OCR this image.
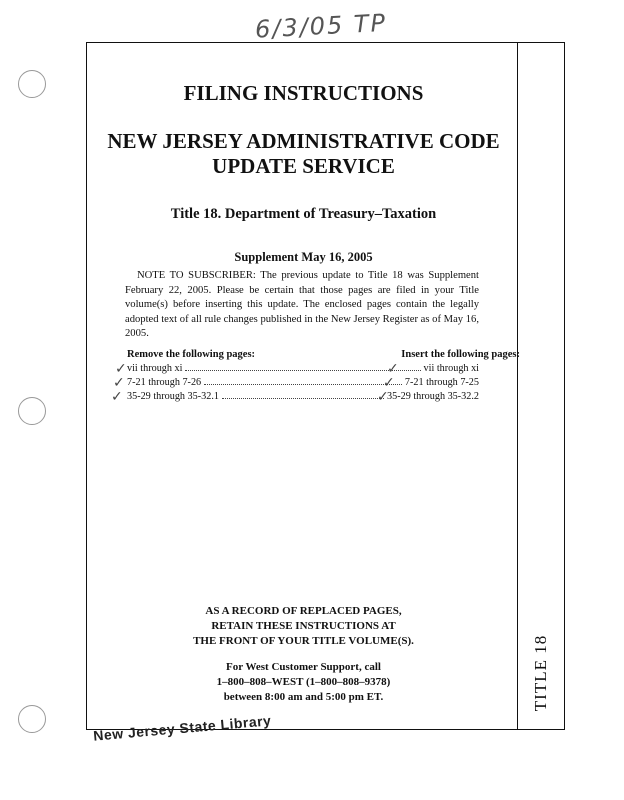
6/3/05 TP
FILING INSTRUCTIONS
NEW JERSEY ADMINISTRATIVE CODE
UPDATE SERVICE
Title 18. Department of Treasury–Taxation
Supplement May 16, 2005
NOTE TO SUBSCRIBER: The previous update to Title 18 was Supplement February 22, 2005. Please be certain that those pages are filed in your Title volume(s) before inserting this update. The enclosed pages contain the legally adopted text of all rule changes published in the New Jersey Register as of May 16, 2005.
Remove the following pages:	Insert the following pages:
vii through xi	vii through xi
7-21 through 7-26	7-21 through 7-25
35-29 through 35-32.1	35-29 through 35-32.2
✓
✓
✓
✓
✓
✓
AS A RECORD OF REPLACED PAGES,
RETAIN THESE INSTRUCTIONS AT
THE FRONT OF YOUR TITLE VOLUME(S).
For West Customer Support, call
1–800–808–WEST (1–800–808–9378)
between 8:00 am and 5:00 pm ET.	TITLE 18
New Jersey State Library
